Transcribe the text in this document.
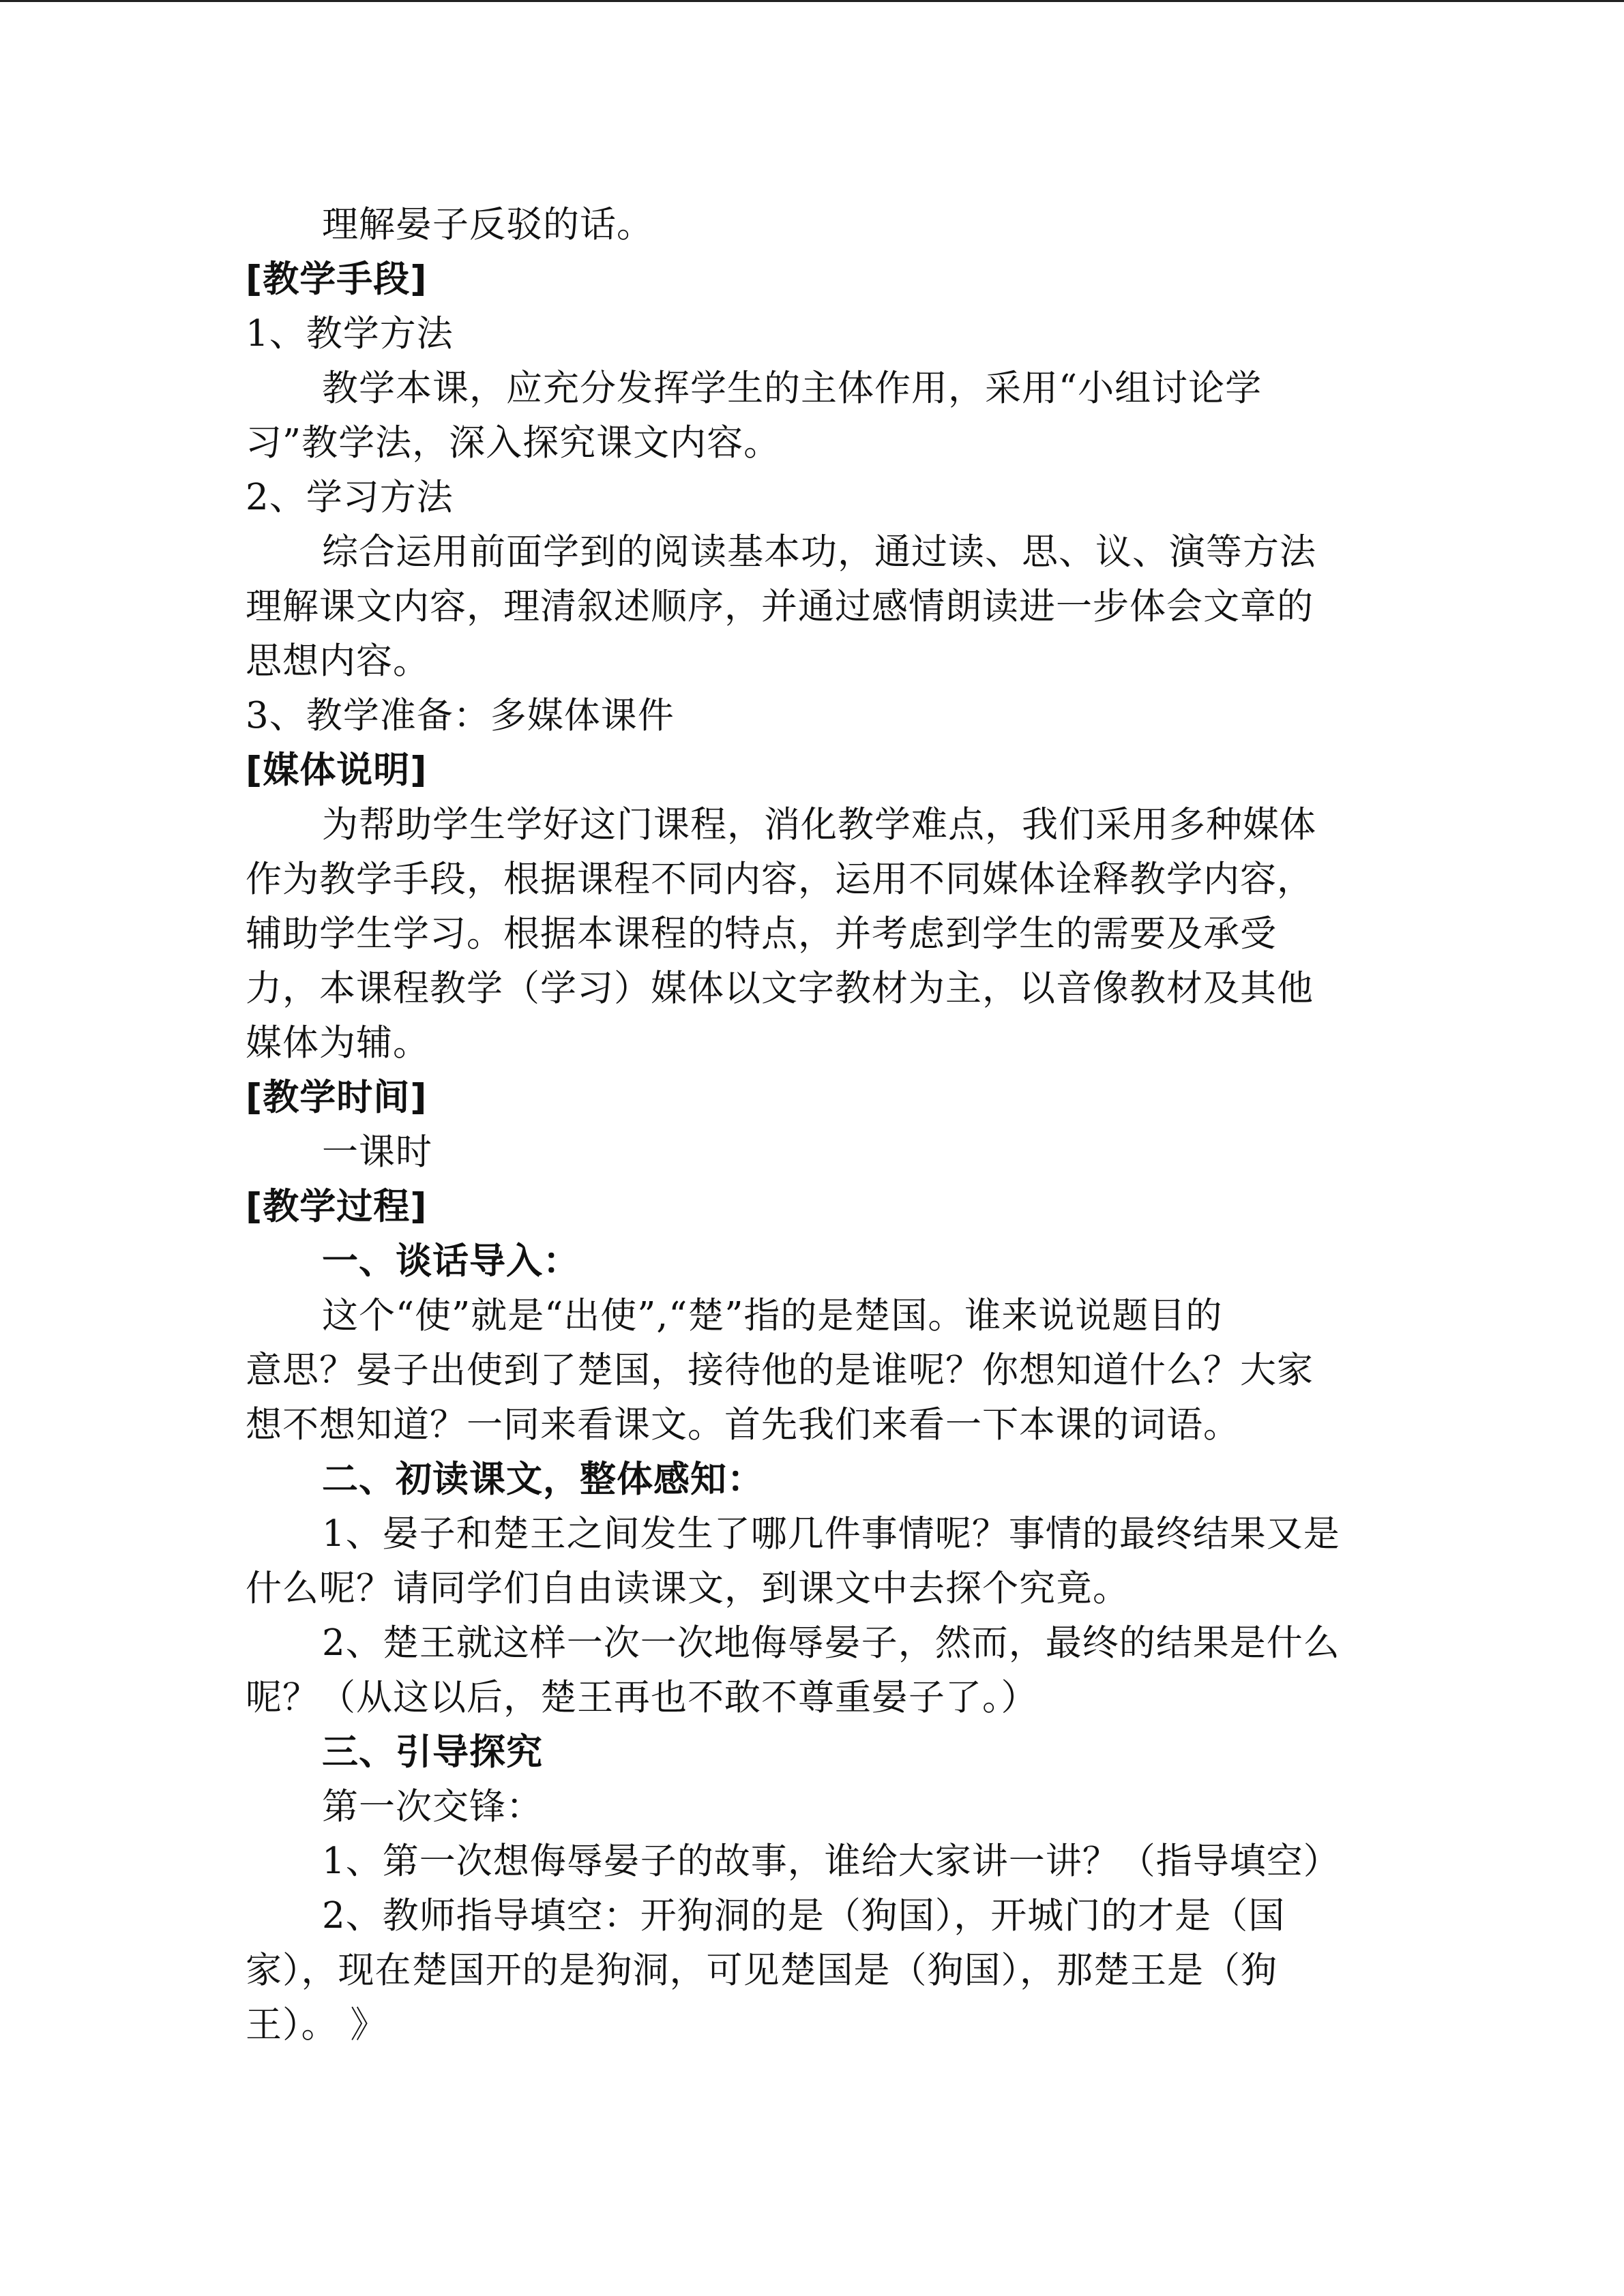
理解晏子反驳的话。
[教学手段]
1、教学方法
教学本课，应充分发挥学生的主体作用，采用“小组讨论学
习”教学法，深入探究课文内容。
2、学习方法
综合运用前面学到的阅读基本功，通过读、思、议、演等方法
理解课文内容，理清叙述顺序，并通过感情朗读进一步体会文章的
思想内容。
3、教学准备：多媒体课件
[媒体说明]
为帮助学生学好这门课程，消化教学难点，我们采用多种媒体
作为教学手段，根据课程不同内容，运用不同媒体诠释教学内容，
辅助学生学习。根据本课程的特点，并考虑到学生的需要及承受
力，本课程教学（学习）媒体以文字教材为主，以音像教材及其他
媒体为辅。
[教学时间]
一课时
[教学过程]
一、谈话导入：
这个“使”就是“出使”,“楚”指的是楚国。谁来说说题目的
意思？晏子出使到了楚国，接待他的是谁呢？你想知道什么？大家
想不想知道？一同来看课文。首先我们来看一下本课的词语。
二、初读课文，整体感知：
1、晏子和楚王之间发生了哪几件事情呢？事情的最终结果又是
什么呢？请同学们自由读课文，到课文中去探个究竟。
2、楚王就这样一次一次地侮辱晏子，然而，最终的结果是什么
呢？（从这以后，楚王再也不敢不尊重晏子了。）
三、引导探究
第一次交锋：
1、第一次想侮辱晏子的故事，谁给大家讲一讲？（指导填空）
2、教师指导填空：开狗洞的是（狗国），开城门的才是（国
家），现在楚国开的是狗洞，可见楚国是（狗国），那楚王是（狗
王）。 》
